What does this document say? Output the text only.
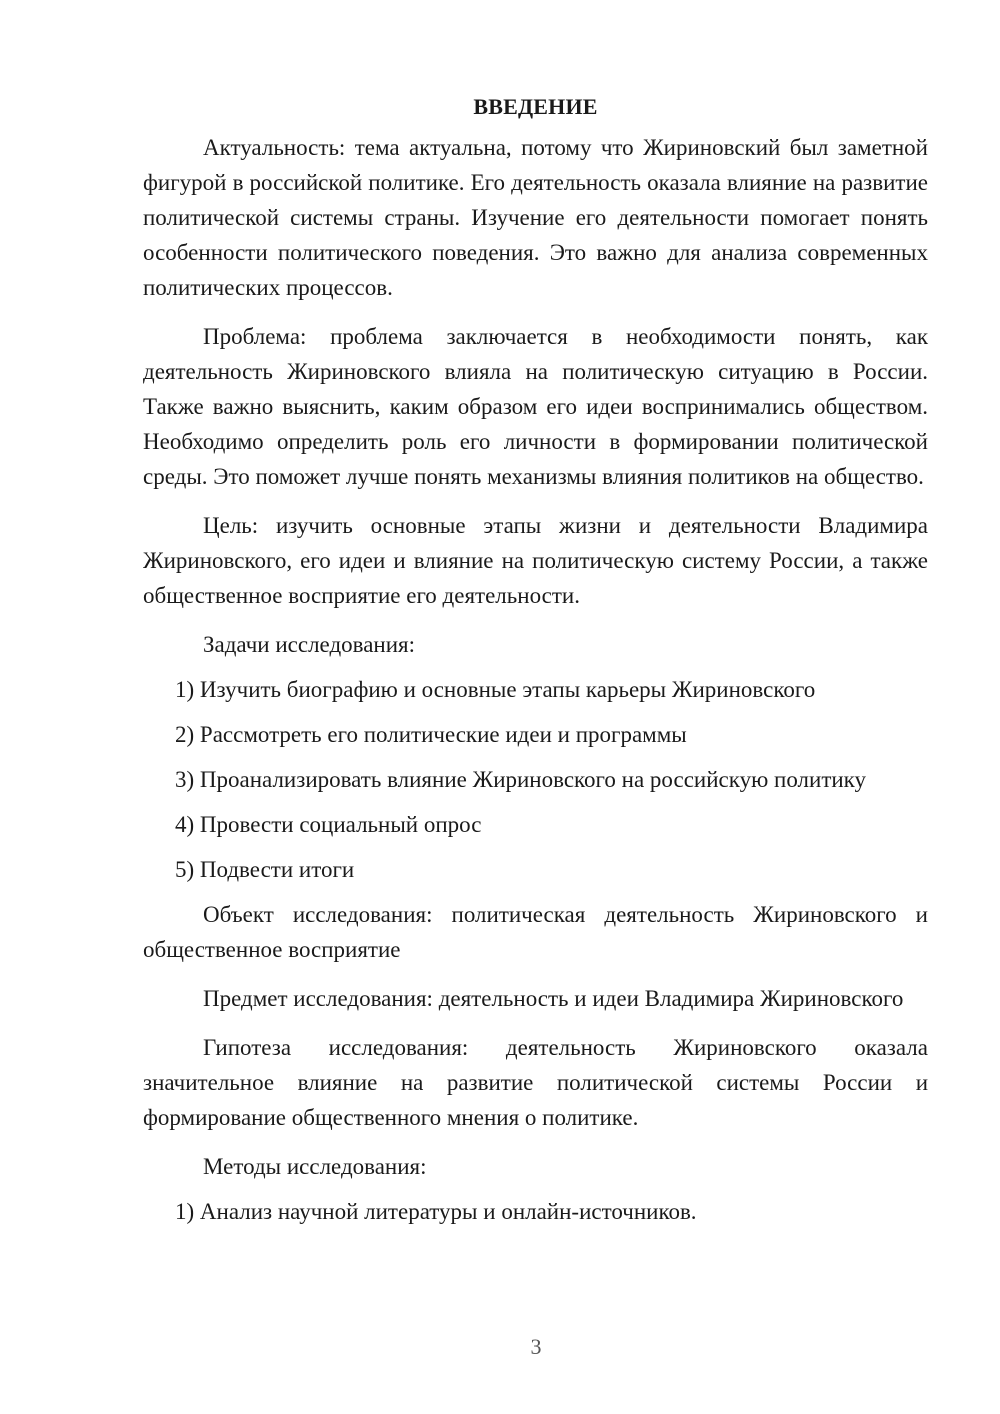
ВВЕДЕНИЕ

Актуальность: тема актуальна, потому что Жириновский был заметной фигурой в российской политике. Его деятельность оказала влияние на развитие политической системы страны. Изучение его деятельности помогает понять особенности политического поведения. Это важно для анализа современных политических процессов.

Проблема: проблема заключается в необходимости понять, как деятельность Жириновского влияла на политическую ситуацию в России. Также важно выяснить, каким образом его идеи воспринимались обществом. Необходимо определить роль его личности в формировании политической среды. Это поможет лучше понять механизмы влияния политиков на общество.

Цель: изучить основные этапы жизни и деятельности Владимира Жириновского, его идеи и влияние на политическую систему России, а также общественное восприятие его деятельности.

Задачи исследования:

1) Изучить биографию и основные этапы карьеры Жириновского
2) Рассмотреть его политические идеи и программы
3) Проанализировать влияние Жириновского на российскую политику
4) Провести социальный опрос
5) Подвести итоги

Объект исследования: политическая деятельность Жириновского и общественное восприятие

Предмет исследования: деятельность и идеи Владимира Жириновского

Гипотеза исследования: деятельность Жириновского оказала значительное влияние на развитие политической системы России и формирование общественного мнения о политике.

Методы исследования:

1) Анализ научной литературы и онлайн-источников.
3
